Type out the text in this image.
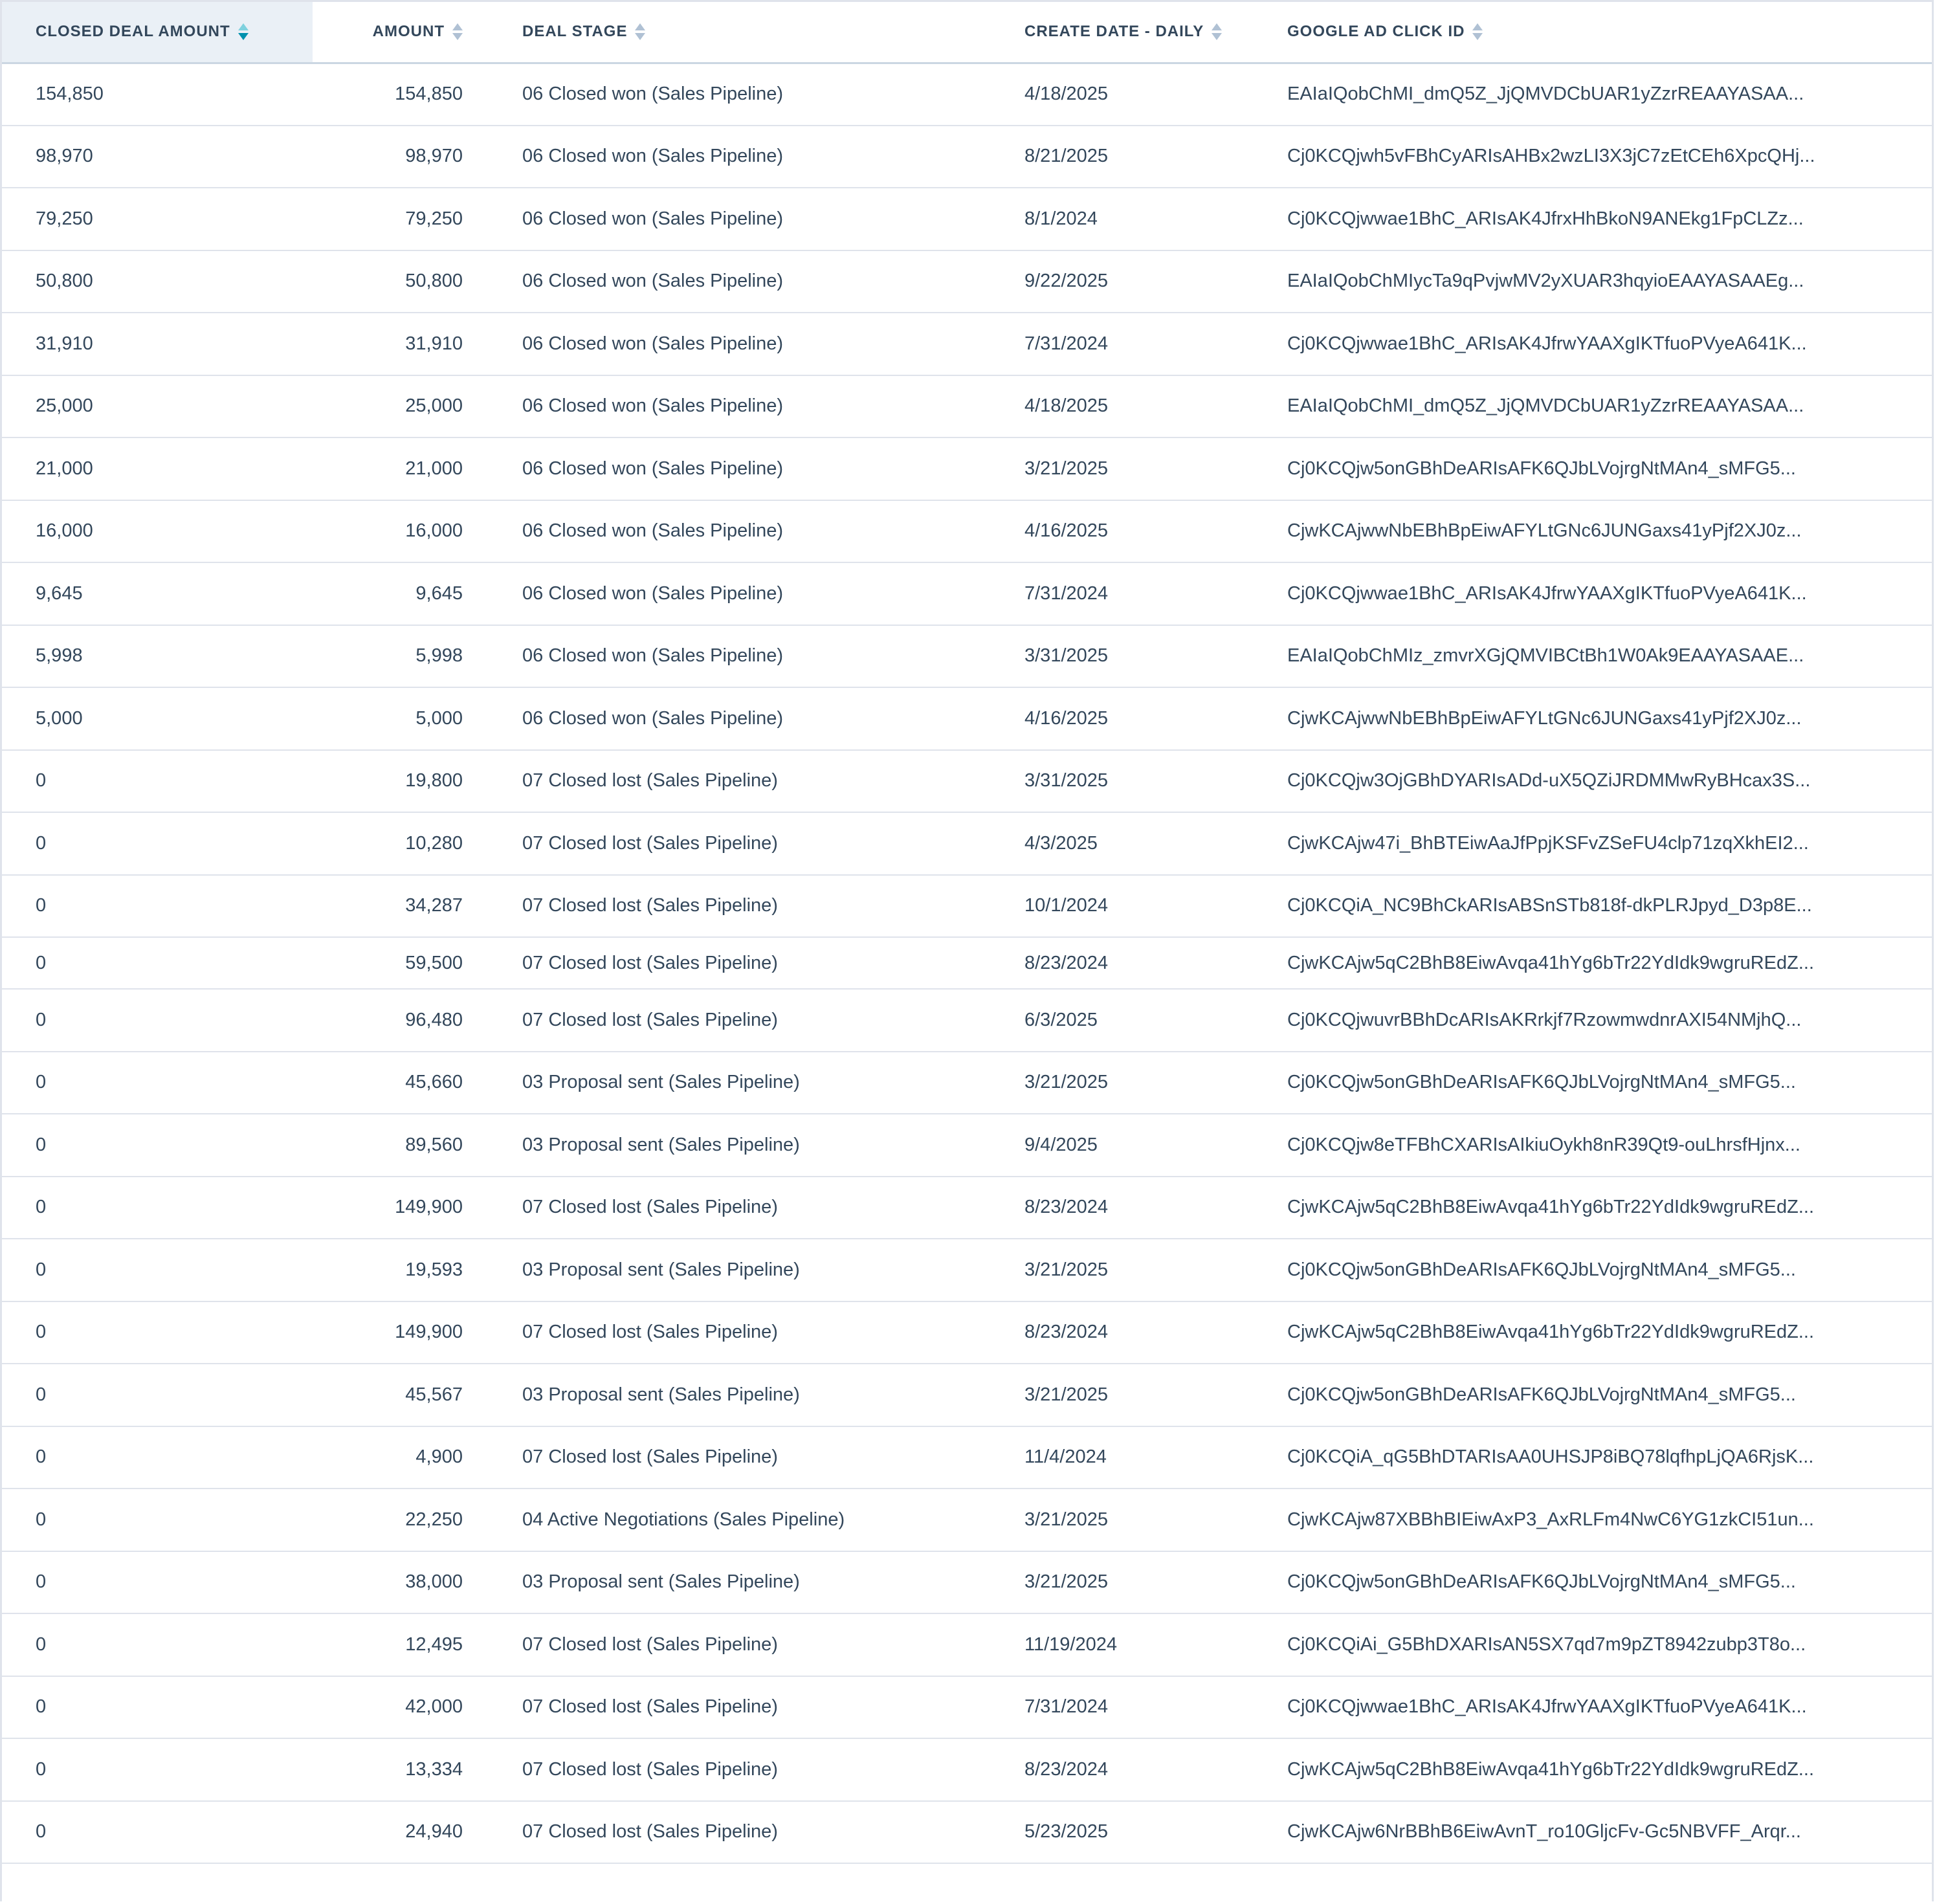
CLOSED DEAL AMOUNT	AMOUNT	DEAL STAGE	CREATE DATE - DAILY	GOOGLE AD CLICK ID

154,850	154,850	06 Closed won (Sales Pipeline)	4/18/2025	EAIaIQobChMI_dmQ5Z_JjQMVDCbUAR1yZzrREAAYASAA...
98,970	98,970	06 Closed won (Sales Pipeline)	8/21/2025	Cj0KCQjwh5vFBhCyARIsAHBx2wzLI3X3jC7zEtCEh6XpcQHj...
79,250	79,250	06 Closed won (Sales Pipeline)	8/1/2024	Cj0KCQjwwae1BhC_ARIsAK4JfrxHhBkoN9ANEkg1FpCLZz...
50,800	50,800	06 Closed won (Sales Pipeline)	9/22/2025	EAIaIQobChMIycTa9qPvjwMV2yXUAR3hqyioEAAYASAAEg...
31,910	31,910	06 Closed won (Sales Pipeline)	7/31/2024	Cj0KCQjwwae1BhC_ARIsAK4JfrwYAAXgIKTfuoPVyeA641K...
25,000	25,000	06 Closed won (Sales Pipeline)	4/18/2025	EAIaIQobChMI_dmQ5Z_JjQMVDCbUAR1yZzrREAAYASAA...
21,000	21,000	06 Closed won (Sales Pipeline)	3/21/2025	Cj0KCQjw5onGBhDeARIsAFK6QJbLVojrgNtMAn4_sMFG5...
16,000	16,000	06 Closed won (Sales Pipeline)	4/16/2025	CjwKCAjwwNbEBhBpEiwAFYLtGNc6JUNGaxs41yPjf2XJ0z...
9,645	9,645	06 Closed won (Sales Pipeline)	7/31/2024	Cj0KCQjwwae1BhC_ARIsAK4JfrwYAAXgIKTfuoPVyeA641K...
5,998	5,998	06 Closed won (Sales Pipeline)	3/31/2025	EAIaIQobChMIz_zmvrXGjQMVIBCtBh1W0Ak9EAAYASAAE...
5,000	5,000	06 Closed won (Sales Pipeline)	4/16/2025	CjwKCAjwwNbEBhBpEiwAFYLtGNc6JUNGaxs41yPjf2XJ0z...
0	19,800	07 Closed lost (Sales Pipeline)	3/31/2025	Cj0KCQjw3OjGBhDYARIsADd-uX5QZiJRDMMwRyBHcax3S...
0	10,280	07 Closed lost (Sales Pipeline)	4/3/2025	CjwKCAjw47i_BhBTEiwAaJfPpjKSFvZSeFU4clp71zqXkhEI2...
0	34,287	07 Closed lost (Sales Pipeline)	10/1/2024	Cj0KCQiA_NC9BhCkARIsABSnSTb818f-dkPLRJpyd_D3p8E...
0	59,500	07 Closed lost (Sales Pipeline)	8/23/2024	CjwKCAjw5qC2BhB8EiwAvqa41hYg6bTr22YdIdk9wgruREdZ...
0	96,480	07 Closed lost (Sales Pipeline)	6/3/2025	Cj0KCQjwuvrBBhDcARIsAKRrkjf7RzowmwdnrAXI54NMjhQ...
0	45,660	03 Proposal sent (Sales Pipeline)	3/21/2025	Cj0KCQjw5onGBhDeARIsAFK6QJbLVojrgNtMAn4_sMFG5...
0	89,560	03 Proposal sent (Sales Pipeline)	9/4/2025	Cj0KCQjw8eTFBhCXARIsAIkiuOykh8nR39Qt9-ouLhrsfHjnx...
0	149,900	07 Closed lost (Sales Pipeline)	8/23/2024	CjwKCAjw5qC2BhB8EiwAvqa41hYg6bTr22YdIdk9wgruREdZ...
0	19,593	03 Proposal sent (Sales Pipeline)	3/21/2025	Cj0KCQjw5onGBhDeARIsAFK6QJbLVojrgNtMAn4_sMFG5...
0	149,900	07 Closed lost (Sales Pipeline)	8/23/2024	CjwKCAjw5qC2BhB8EiwAvqa41hYg6bTr22YdIdk9wgruREdZ...
0	45,567	03 Proposal sent (Sales Pipeline)	3/21/2025	Cj0KCQjw5onGBhDeARIsAFK6QJbLVojrgNtMAn4_sMFG5...
0	4,900	07 Closed lost (Sales Pipeline)	11/4/2024	Cj0KCQiA_qG5BhDTARIsAA0UHSJP8iBQ78lqfhpLjQA6RjsK...
0	22,250	04 Active Negotiations (Sales Pipeline)	3/21/2025	CjwKCAjw87XBBhBIEiwAxP3_AxRLFm4NwC6YG1zkCI51un...
0	38,000	03 Proposal sent (Sales Pipeline)	3/21/2025	Cj0KCQjw5onGBhDeARIsAFK6QJbLVojrgNtMAn4_sMFG5...
0	12,495	07 Closed lost (Sales Pipeline)	11/19/2024	Cj0KCQiAi_G5BhDXARIsAN5SX7qd7m9pZT8942zubp3T8o...
0	42,000	07 Closed lost (Sales Pipeline)	7/31/2024	Cj0KCQjwwae1BhC_ARIsAK4JfrwYAAXgIKTfuoPVyeA641K...
0	13,334	07 Closed lost (Sales Pipeline)	8/23/2024	CjwKCAjw5qC2BhB8EiwAvqa41hYg6bTr22YdIdk9wgruREdZ...
0	24,940	07 Closed lost (Sales Pipeline)	5/23/2025	CjwKCAjw6NrBBhB6EiwAvnT_ro10GljcFv-Gc5NBVFF_Arqr...
